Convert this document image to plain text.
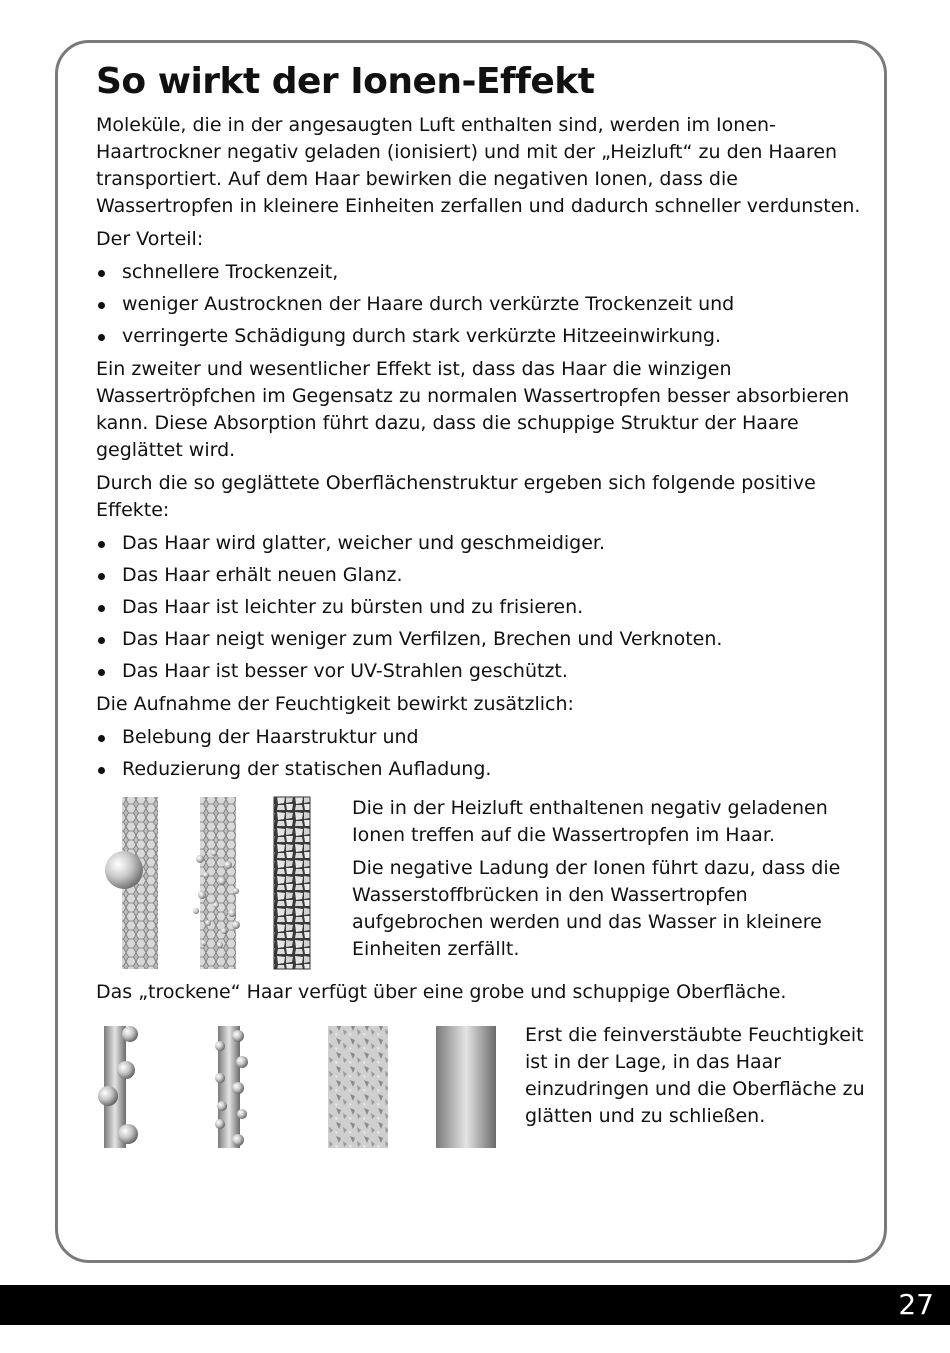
So wirkt der Ionen-Effekt

Moleküle, die in der angesaugten Luft enthalten sind, werden im Ionen-Haartrockner negativ geladen (ionisiert) und mit der „Heizluft“ zu den Haaren transportiert. Auf dem Haar bewirken die negativen Ionen, dass die Wassertropfen in kleinere Einheiten zerfallen und dadurch schneller verdunsten.

Der Vorteil:

schnellere Trockenzeit,
weniger Austrocknen der Haare durch verkürzte Trockenzeit und
verringerte Schädigung durch stark verkürzte Hitzeeinwirkung.

Ein zweiter und wesentlicher Effekt ist, dass das Haar die winzigen Wassertröpfchen im Gegensatz zu normalen Wassertropfen besser absorbieren kann. Diese Absorption führt dazu, dass die schuppige Struktur der Haare geglättet wird.

Durch die so geglättete Oberflächenstruktur ergeben sich folgende positive Effekte:

Das Haar wird glatter, weicher und geschmeidiger.
Das Haar erhält neuen Glanz.
Das Haar ist leichter zu bürsten und zu frisieren.
Das Haar neigt weniger zum Verfilzen, Brechen und Verknoten.
Das Haar ist besser vor UV-Strahlen geschützt.

Die Aufnahme der Feuchtigkeit bewirkt zusätzlich:

Belebung der Haarstruktur und
Reduzierung der statischen Aufladung.

Die in der Heizluft enthaltenen negativ geladenen Ionen treffen auf die Wassertropfen im Haar.

Die negative Ladung der Ionen führt dazu, dass die Wasserstoffbrücken in den Wassertropfen aufgebrochen werden und das Wasser in kleinere Einheiten zerfällt.

Das „trockene“ Haar verfügt über eine grobe und schuppige Oberfläche.

Erst die feinverstäubte Feuchtigkeit ist in der Lage, in das Haar einzudringen und die Oberfläche zu glätten und zu schließen.

27
